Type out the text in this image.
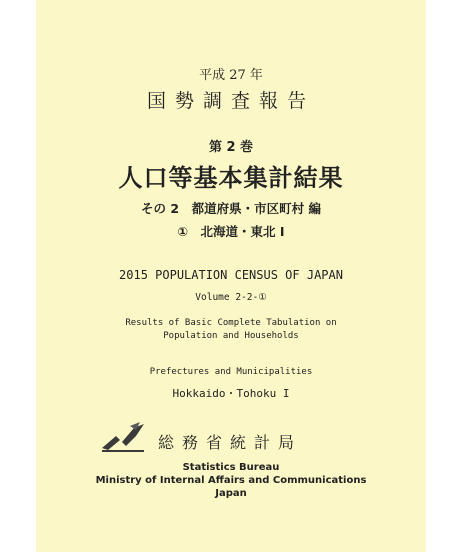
平成 27 年
国勢調査報告
第 2 巻
人口等基本集計結果
その 2　都道府県・市区町村 編
①　北海道・東北 I
2015 POPULATION CENSUS OF JAPAN
Volume 2-2-①
Results of Basic Complete Tabulation on
Population and Households
Prefectures and Municipalities
Hokkaido・Tohoku I
総務省統計局
Statistics Bureau
Ministry of Internal Affairs and Communications
Japan
